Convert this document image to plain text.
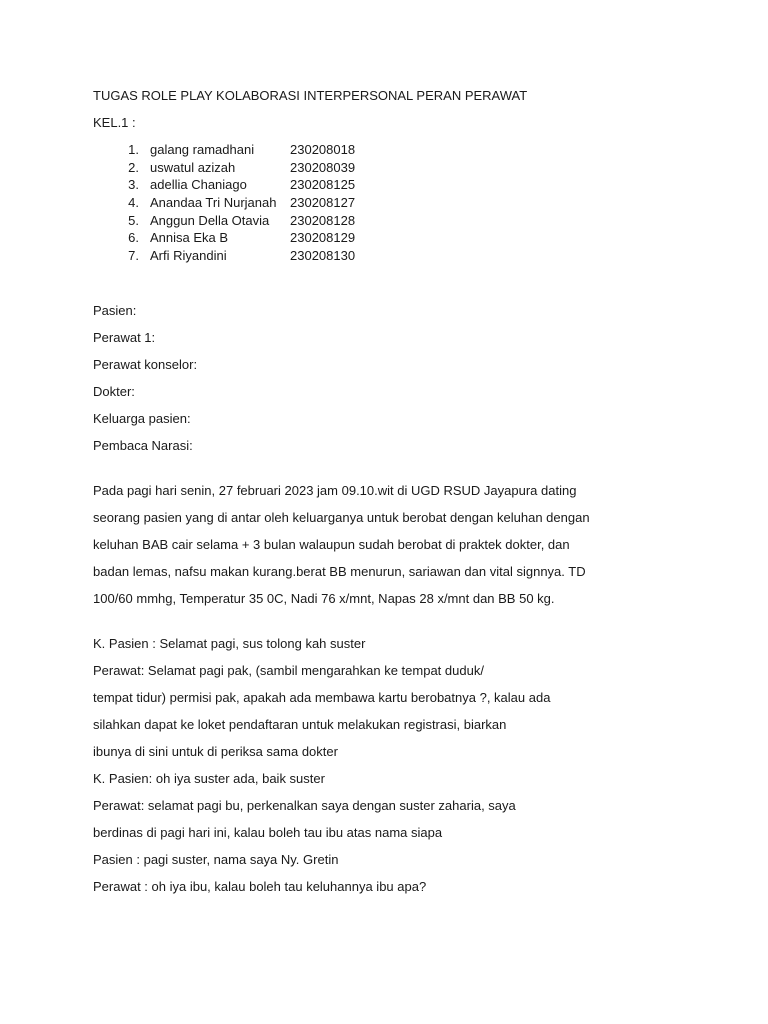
TUGAS ROLE PLAY KOLABORASI INTERPERSONAL PERAN PERAWAT
KEL.1 :
1. galang ramadhani	230208018
2. uswatul azizah	230208039
3. adellia Chaniago	230208125
4. Anandaa Tri Nurjanah	230208127
5. Anggun Della Otavia	230208128
6. Annisa Eka B	230208129
7. Arfi Riyandini	230208130
Pasien:
Perawat 1:
Perawat konselor:
Dokter:
Keluarga pasien:
Pembaca Narasi:
Pada pagi hari senin, 27 februari 2023 jam 09.10.wit di UGD RSUD Jayapura dating
seorang pasien yang di antar oleh keluarganya untuk berobat dengan keluhan dengan
keluhan BAB cair selama + 3 bulan walaupun sudah berobat di praktek dokter, dan
badan lemas, nafsu makan kurang.berat BB menurun, sariawan dan vital signnya. TD
100/60 mmhg, Temperatur 35 0C, Nadi 76 x/mnt, Napas 28 x/mnt dan BB 50 kg.
K. Pasien : Selamat pagi, sus tolong kah suster
Perawat: Selamat pagi pak, (sambil mengarahkan ke tempat duduk/
tempat tidur) permisi pak, apakah ada membawa kartu berobatnya ?, kalau ada
silahkan dapat ke loket pendaftaran untuk melakukan registrasi, biarkan
ibunya di sini untuk di periksa sama dokter
K. Pasien: oh iya suster ada, baik suster
Perawat: selamat pagi bu, perkenalkan saya dengan suster zaharia, saya
berdinas di pagi hari ini, kalau boleh tau ibu atas nama siapa
Pasien : pagi suster, nama saya Ny. Gretin
Perawat : oh iya ibu, kalau boleh tau keluhannya ibu apa?
